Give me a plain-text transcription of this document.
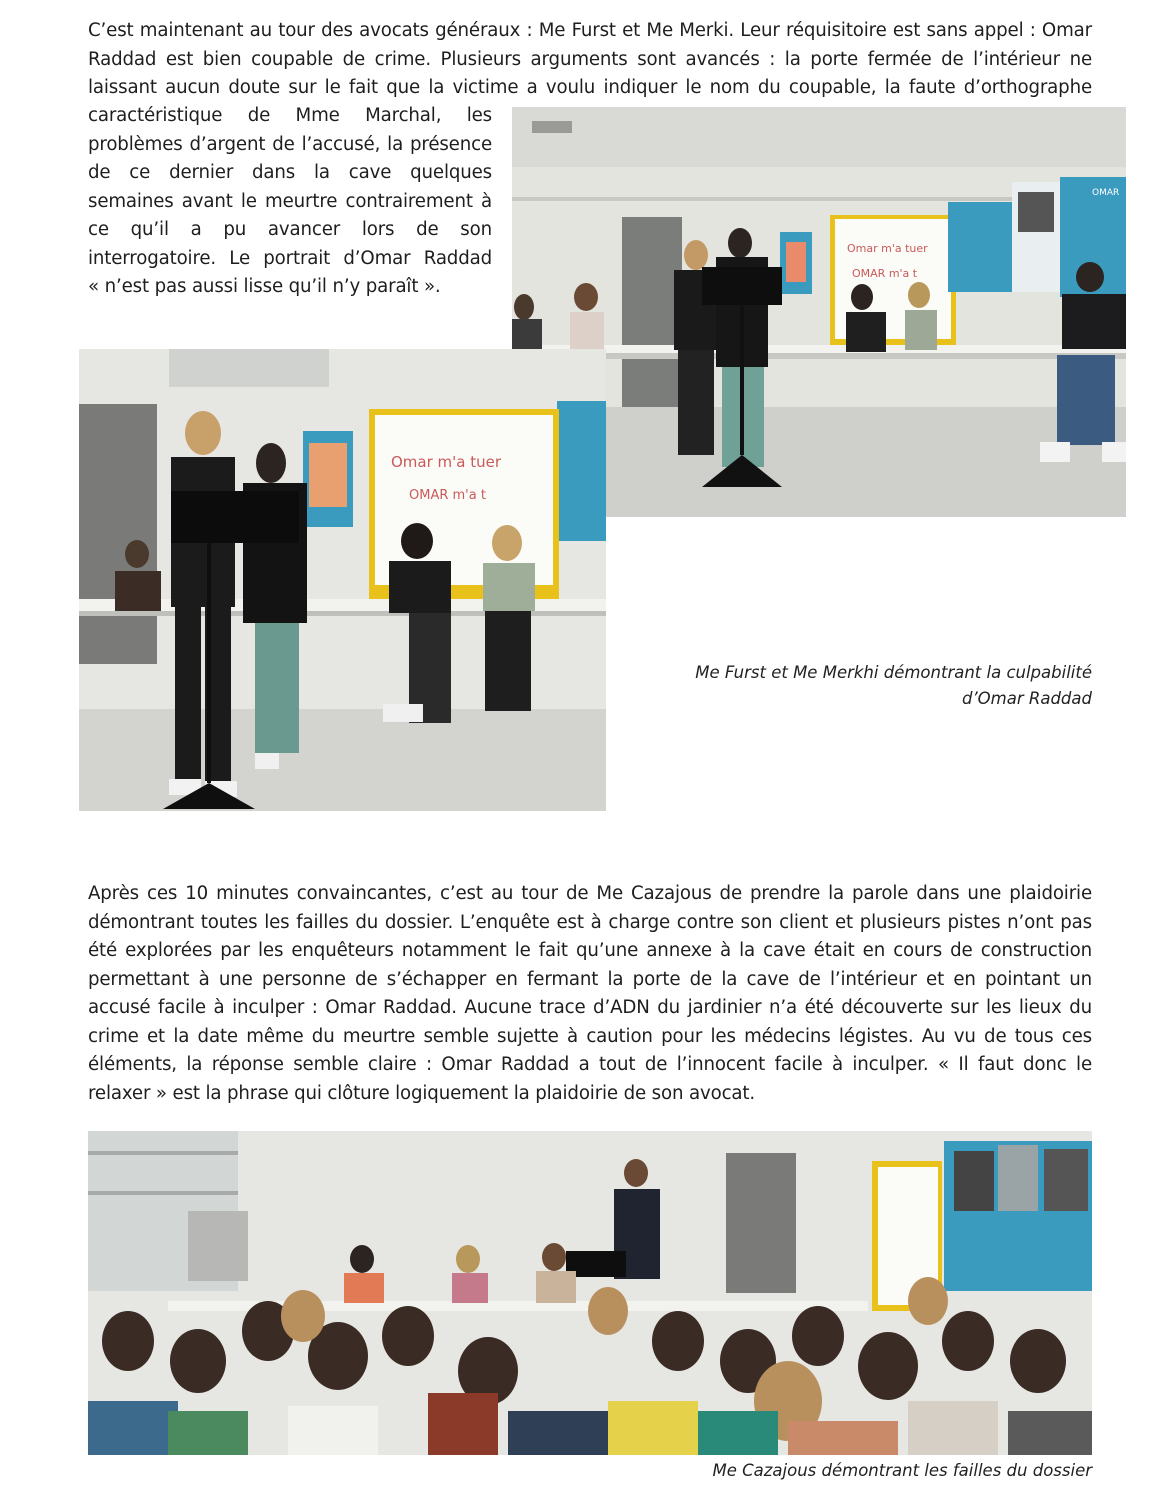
C’est maintenant au tour des avocats généraux : Me Furst et Me Merki. Leur réquisitoire est sans appel : Omar
Raddad est bien coupable de crime. Plusieurs arguments sont avancés : la porte fermée de l’intérieur ne
laissant aucun doute sur le fait que la victime a voulu indiquer le nom du coupable, la faute d’orthographe
caractéristique de Mme Marchal, les
problèmes d’argent de l’accusé, la présence
de ce dernier dans la cave quelques
semaines avant le meurtre contrairement à
ce qu’il a pu avancer lors de son
interrogatoire. Le portrait d’Omar Raddad
« n’est pas aussi lisse qu’il n’y paraît ».
Omar m'a tuer
OMAR m'a t
OMAR
Omar m'a tuer
OMAR m'a t
Me Furst et Me Merkhi démontrant la culpabilité
d’Omar Raddad
Après ces 10 minutes convaincantes, c’est au tour de Me Cazajous de prendre la parole dans une plaidoirie
démontrant toutes les failles du dossier. L’enquête est à charge contre son client et plusieurs pistes n’ont pas
été explorées par les enquêteurs notamment le fait qu’une annexe à la cave était en cours de construction
permettant à une personne de s’échapper en fermant la porte de la cave de l’intérieur et en pointant un
accusé facile à inculper : Omar Raddad. Aucune trace d’ADN du jardinier n’a été découverte sur les lieux du
crime et la date même du meurtre semble sujette à caution pour les médecins légistes. Au vu de tous ces
éléments, la réponse semble claire : Omar Raddad a tout de l’innocent facile à inculper. « Il faut donc le
relaxer » est la phrase qui clôture logiquement la plaidoirie de son avocat.
Me Cazajous démontrant les failles du dossier
